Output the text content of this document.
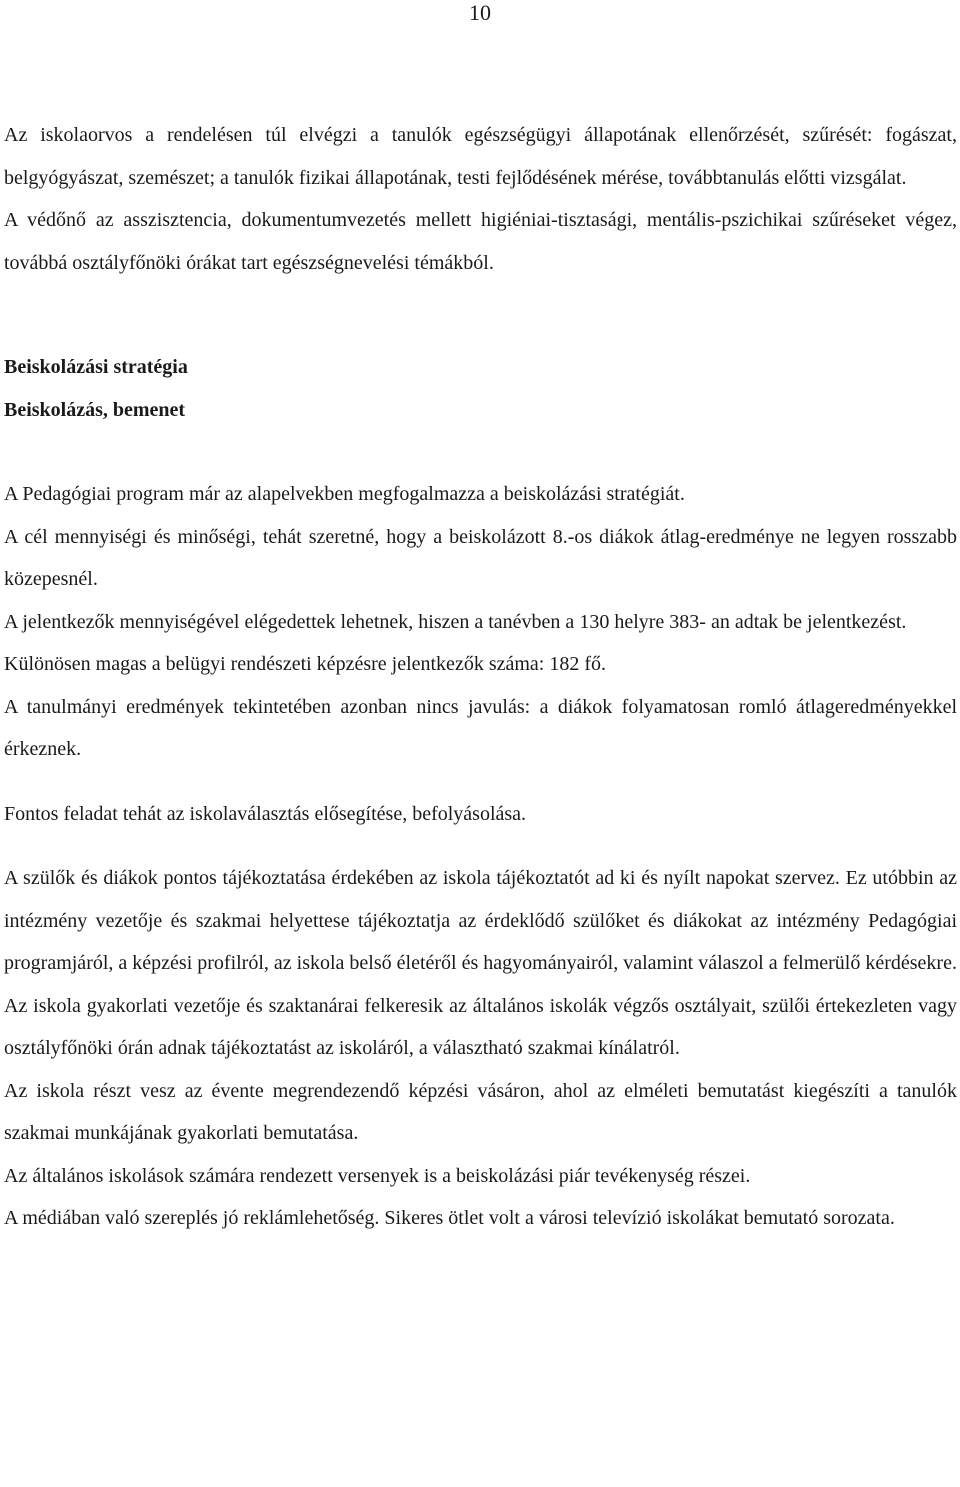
10

Az iskolaorvos a rendelésen túl elvégzi a tanulók egészségügyi állapotának ellenőrzését, szűrését: fogászat, belgyógyászat, szemészet; a tanulók fizikai állapotának, testi fejlődésének mérése, továbbtanulás előtti vizsgálat.

A védőnő az asszisztencia, dokumentumvezetés mellett higiéniai-tisztasági, mentális-pszichikai szűréseket végez, továbbá osztályfőnöki órákat tart egészségnevelési témákból.

Beiskolázási stratégia

Beiskolázás, bemenet

A Pedagógiai program már az alapelvekben megfogalmazza a beiskolázási stratégiát.

A cél mennyiségi és minőségi, tehát szeretné, hogy a beiskolázott 8.-os diákok átlag-eredménye ne legyen rosszabb közepesnél.

A jelentkezők mennyiségével elégedettek lehetnek, hiszen a tanévben a 130 helyre 383- an adtak be jelentkezést.

Különösen magas a belügyi rendészeti képzésre jelentkezők száma: 182 fő.

A tanulmányi eredmények tekintetében azonban nincs javulás: a diákok folyamatosan romló átlageredményekkel érkeznek.

Fontos feladat tehát az iskolaválasztás elősegítése, befolyásolása.

A szülők és diákok pontos tájékoztatása érdekében az iskola tájékoztatót ad ki és nyílt napokat szervez. Ez utóbbin az intézmény vezetője és szakmai helyettese tájékoztatja az érdeklődő szülőket és diákokat az intézmény Pedagógiai programjáról, a képzési profilról, az iskola belső életéről és hagyományairól, valamint válaszol a felmerülő kérdésekre.

Az iskola gyakorlati vezetője és szaktanárai felkeresik az általános iskolák végzős osztályait, szülői értekezleten vagy osztályfőnöki órán adnak tájékoztatást az iskoláról, a választható szakmai kínálatról.

Az iskola részt vesz az évente megrendezendő képzési vásáron, ahol az elméleti bemutatást kiegészíti a tanulók szakmai munkájának gyakorlati bemutatása.

Az általános iskolások számára rendezett versenyek is a beiskolázási piár tevékenység részei.

A médiában való szereplés jó reklámlehetőség. Sikeres ötlet volt a városi televízió iskolákat bemutató sorozata.
